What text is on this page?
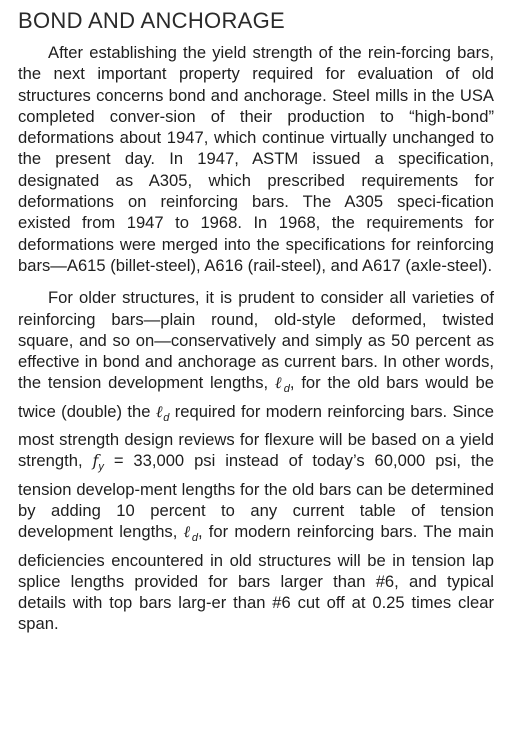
BOND AND ANCHORAGE

After establishing the yield strength of the rein-forcing bars, the next important property required for evaluation of old structures concerns bond and anchorage. Steel mills in the USA completed conver-sion of their production to “high-bond” deformations about 1947, which continue virtually unchanged to the present day. In 1947, ASTM issued a specification, designated as A305, which prescribed requirements for deformations on reinforcing bars. The A305 speci-fication existed from 1947 to 1968. In 1968, the requirements for deformations were merged into the specifications for reinforcing bars—A615 (billet-steel), A616 (rail-steel), and A617 (axle-steel).

For older structures, it is prudent to consider all varieties of reinforcing bars—plain round, old-style deformed, twisted square, and so on—conservatively and simply as 50 percent as effective in bond and anchorage as current bars. In other words, the tension development lengths, ℓ$_d$, for the old bars would be twice (double) the ℓ$_d$ required for modern reinforcing bars. Since most strength design reviews for flexure will be based on a yield strength, $f_y = 33,000$ psi instead of today’s 60,000 psi, the tension develop-ment lengths for the old bars can be determined by adding 10 percent to any current table of tension development lengths, ℓ$_d$, for modern reinforcing bars. The main deficiencies encountered in old structures will be in tension lap splice lengths provided for bars larger than #6, and typical details with top bars larg-er than #6 cut off at 0.25 times clear span.
